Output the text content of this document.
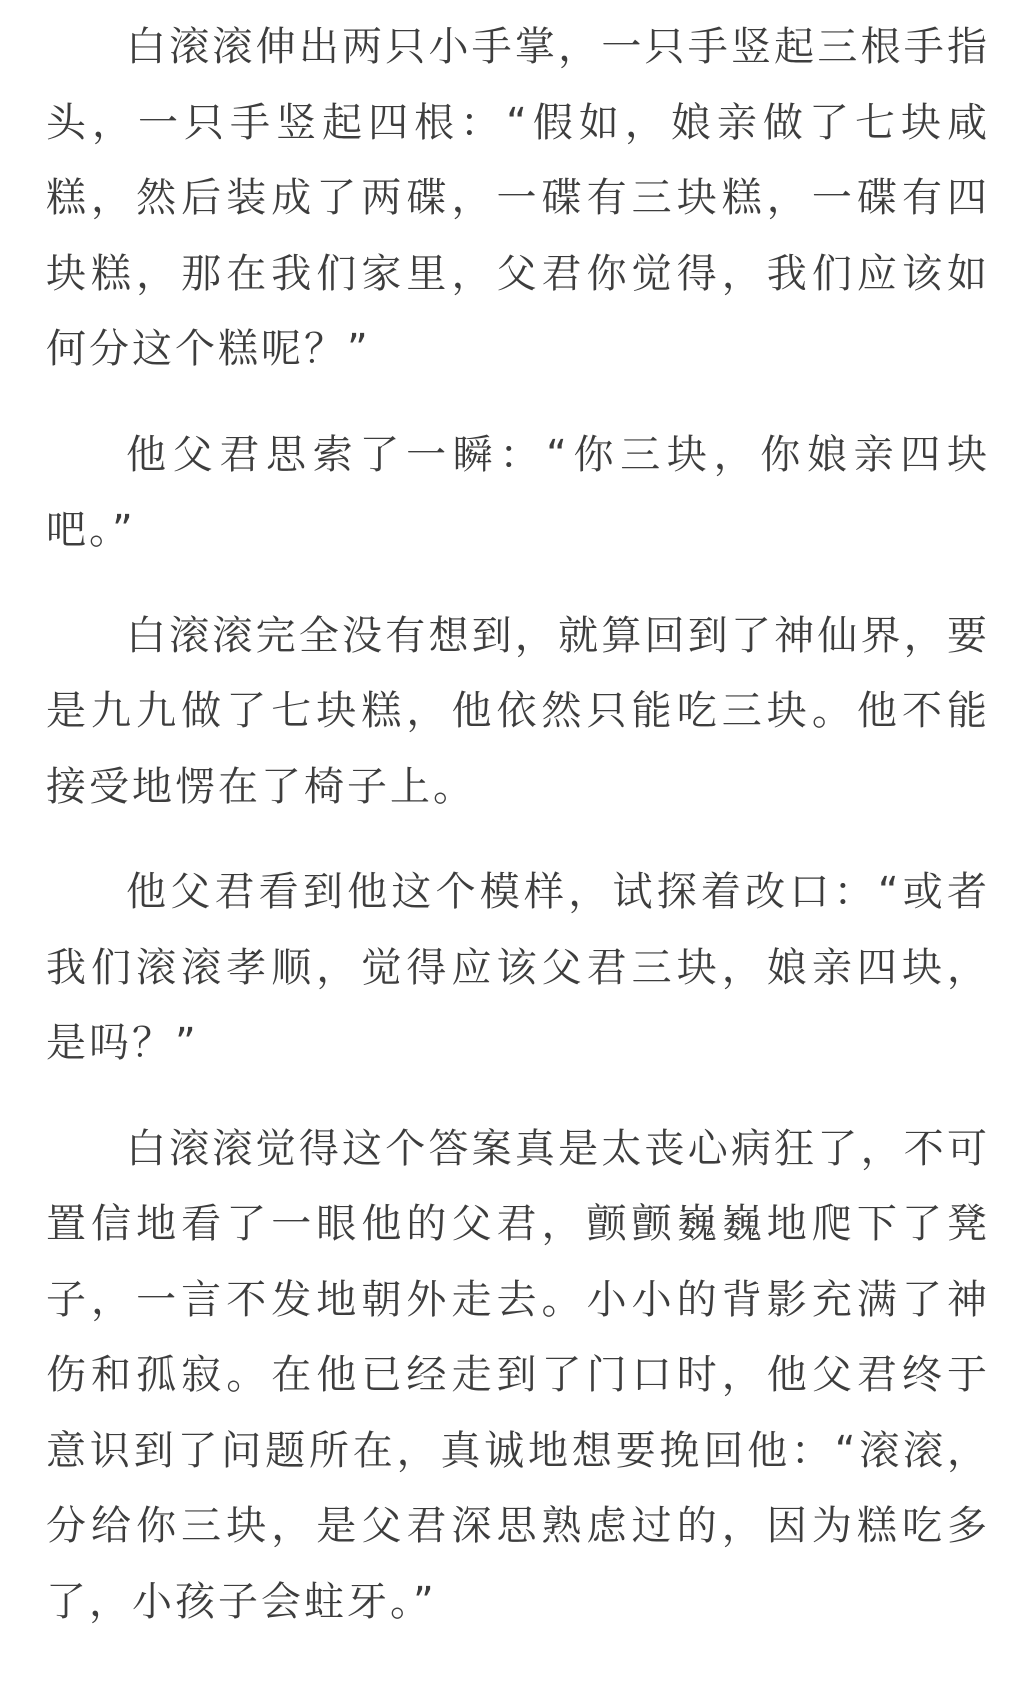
白滚滚伸出两只小手掌，一只手竖起三根手指头，一只手竖起四根：“假如，娘亲做了七块咸糕，然后装成了两碟，一碟有三块糕，一碟有四块糕，那在我们家里，父君你觉得，我们应该如何分这个糕呢？”

他父君思索了一瞬：“你三块，你娘亲四块吧。”

白滚滚完全没有想到，就算回到了神仙界，要是九九做了七块糕，他依然只能吃三块。他不能接受地愣在了椅子上。

他父君看到他这个模样，试探着改口：“或者我们滚滚孝顺，觉得应该父君三块，娘亲四块，是吗？”

白滚滚觉得这个答案真是太丧心病狂了，不可置信地看了一眼他的父君，颤颤巍巍地爬下了凳子，一言不发地朝外走去。小小的背影充满了神伤和孤寂。在他已经走到了门口时，他父君终于意识到了问题所在，真诚地想要挽回他：“滚滚，分给你三块，是父君深思熟虑过的，因为糕吃多了，小孩子会蛀牙。”
